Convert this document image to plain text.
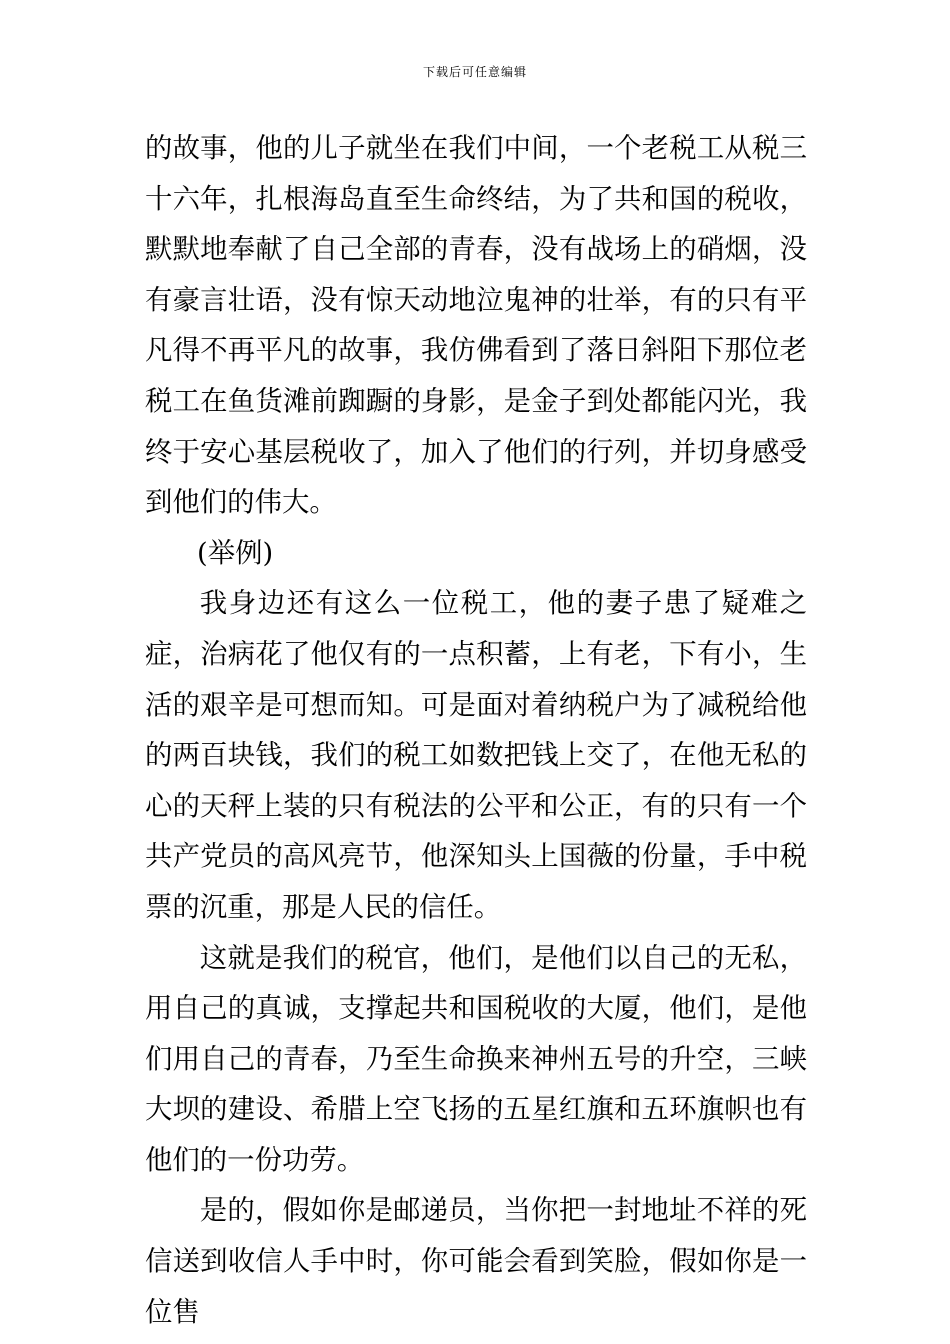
下载后可任意编辑

的故事，他的儿子就坐在我们中间，一个老税工从税三十六年，扎根海岛直至生命终结，为了共和国的税收，默默地奉献了自己全部的青春，没有战场上的硝烟，没有豪言壮语，没有惊天动地泣鬼神的壮举，有的只有平凡得不再平凡的故事，我仿佛看到了落日斜阳下那位老税工在鱼货滩前踟蹰的身影，是金子到处都能闪光，我终于安心基层税收了，加入了他们的行列，并切身感受到他们的伟大。

(举例)

我身边还有这么一位税工，他的妻子患了疑难之症，治病花了他仅有的一点积蓄，上有老，下有小，生活的艰辛是可想而知。可是面对着纳税户为了减税给他的两百块钱，我们的税工如数把钱上交了，在他无私的心的天秤上装的只有税法的公平和公正，有的只有一个共产党员的高风亮节，他深知头上国薇的份量，手中税票的沉重，那是人民的信任。

这就是我们的税官，他们，是他们以自己的无私，用自己的真诚，支撑起共和国税收的大厦，他们，是他们用自己的青春，乃至生命换来神州五号的升空，三峡大坝的建设、希腊上空飞扬的五星红旗和五环旗帜也有他们的一份功劳。

是的，假如你是邮递员，当你把一封地址不祥的死信送到收信人手中时，你可能会看到笑脸，假如你是一位售
